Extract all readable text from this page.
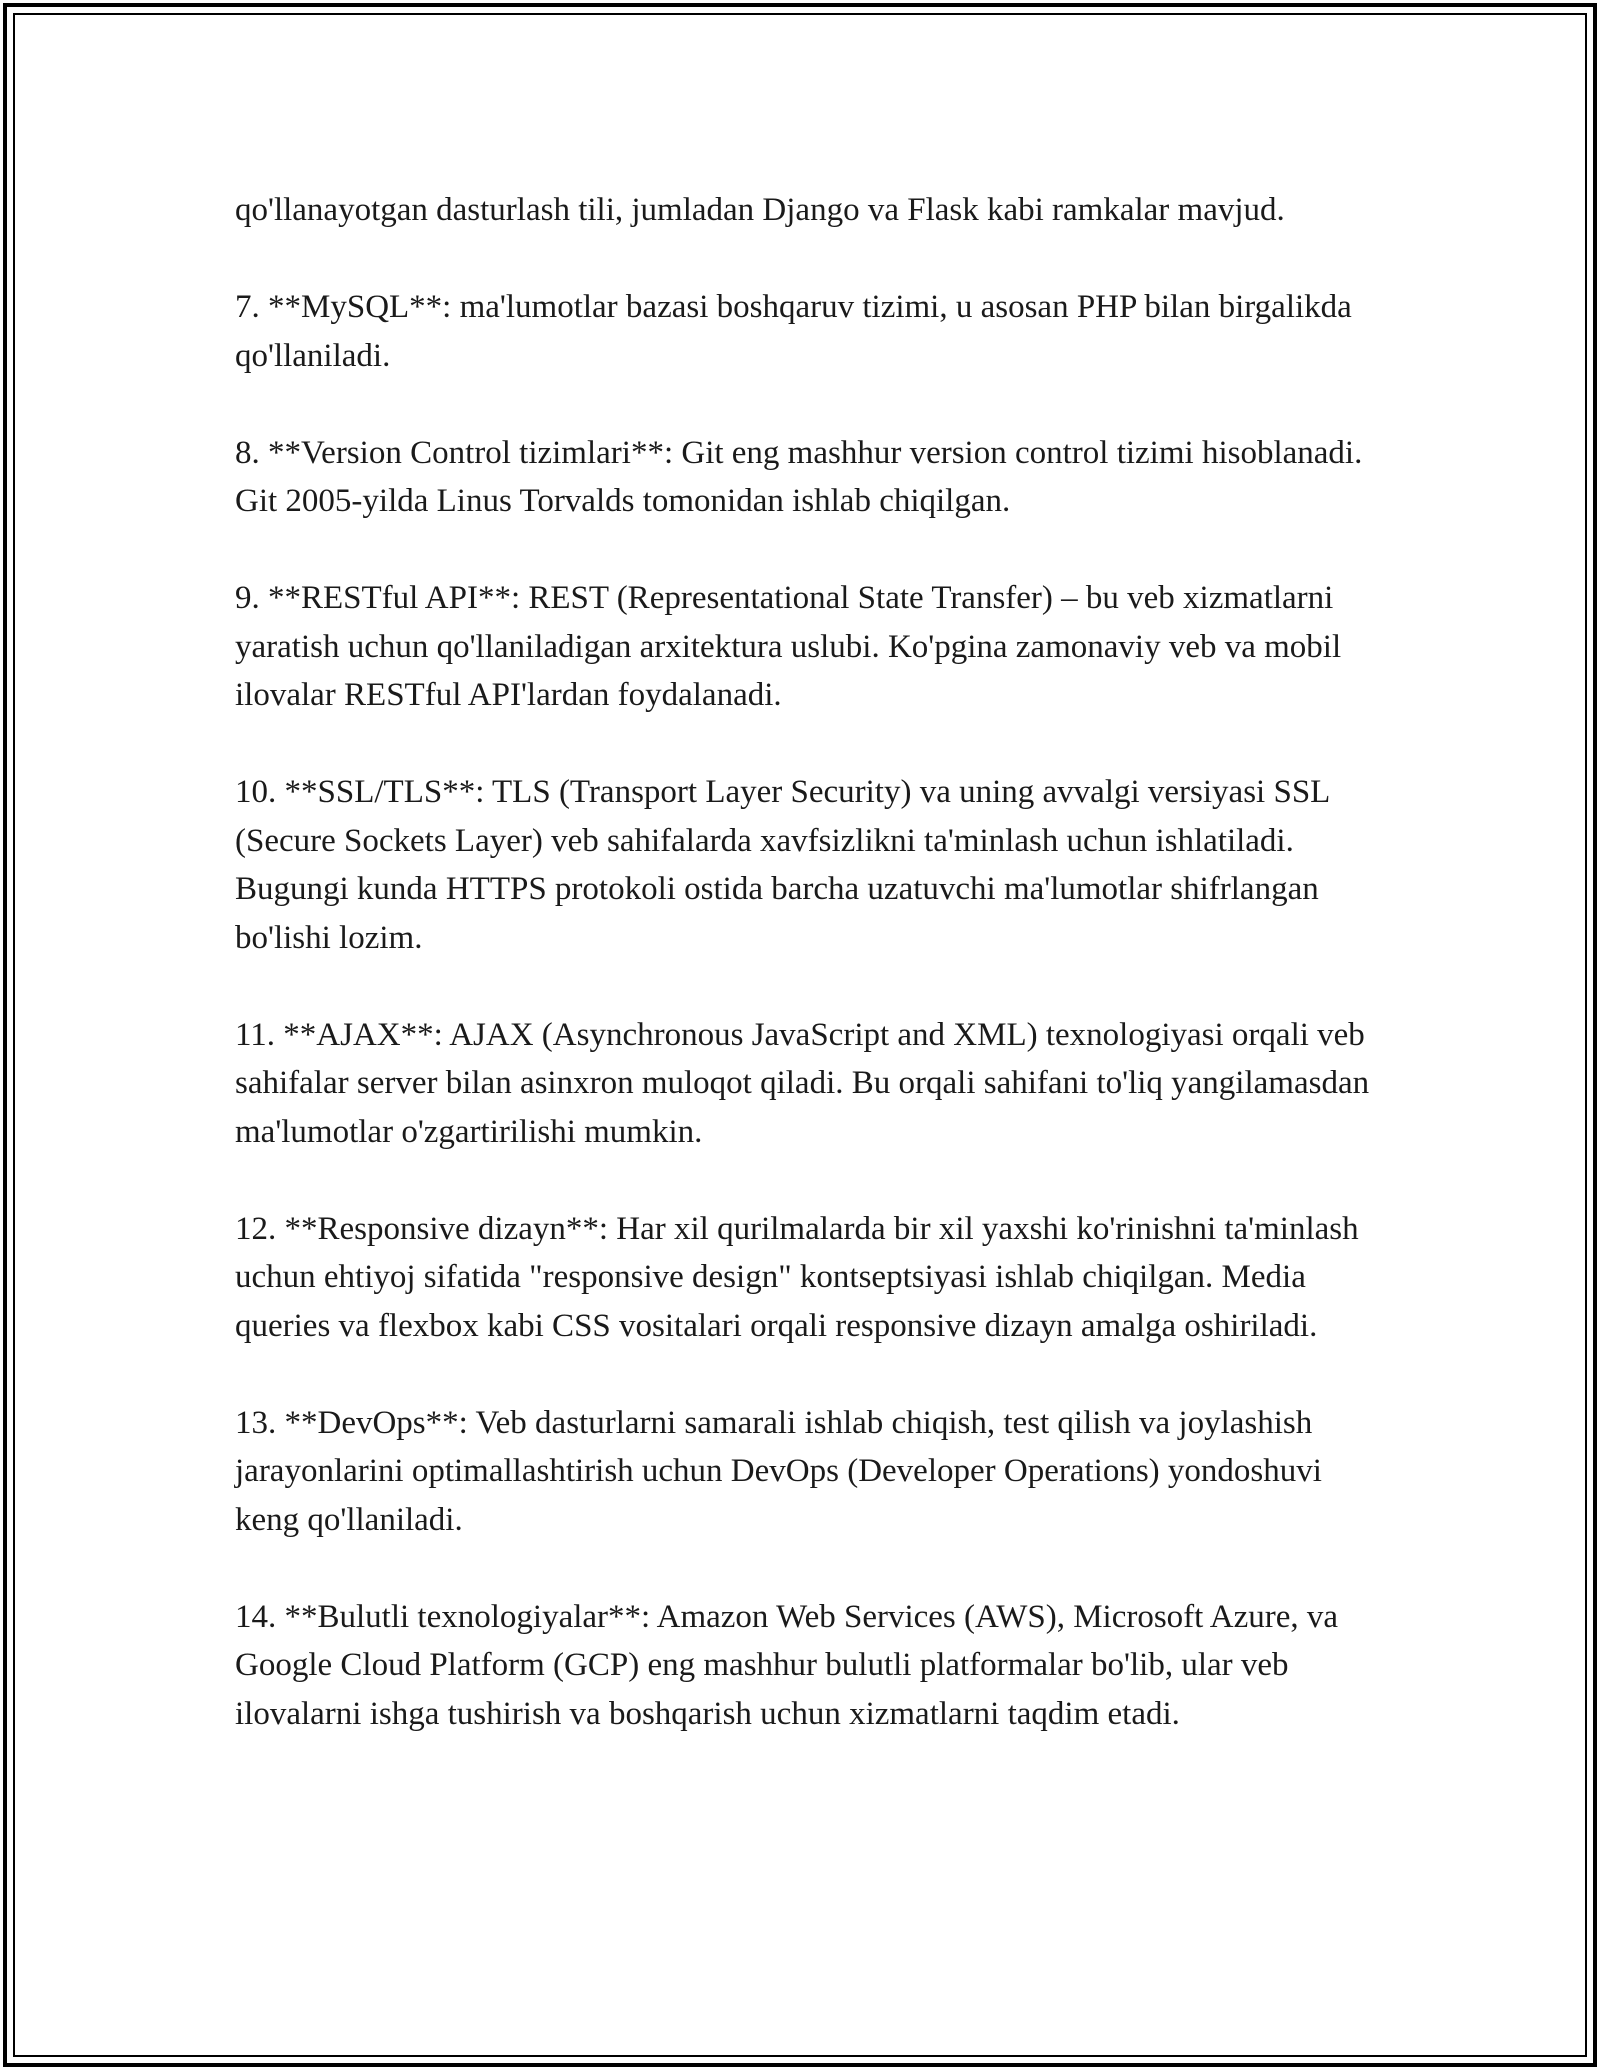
qo'llanayotgan dasturlash tili, jumladan Django va Flask kabi ramkalar mavjud.

7. **MySQL**: ma'lumotlar bazasi boshqaruv tizimi, u asosan PHP bilan birgalikda qo'llaniladi.

8. **Version Control tizimlari**: Git eng mashhur version control tizimi hisoblanadi. Git 2005-yilda Linus Torvalds tomonidan ishlab chiqilgan.

9. **RESTful API**: REST (Representational State Transfer) – bu veb xizmatlarni yaratish uchun qo'llaniladigan arxitektura uslubi. Ko'pgina zamonaviy veb va mobil ilovalar RESTful API'lardan foydalanadi.

10. **SSL/TLS**: TLS (Transport Layer Security) va uning avvalgi versiyasi SSL (Secure Sockets Layer) veb sahifalarda xavfsizlikni ta'minlash uchun ishlatiladi. Bugungi kunda HTTPS protokoli ostida barcha uzatuvchi ma'lumotlar shifrlangan bo'lishi lozim.

11. **AJAX**: AJAX (Asynchronous JavaScript and XML) texnologiyasi orqali veb sahifalar server bilan asinxron muloqot qiladi. Bu orqali sahifani to'liq yangilamasdan ma'lumotlar o'zgartirilishi mumkin.

12. **Responsive dizayn**: Har xil qurilmalarda bir xil yaxshi ko'rinishni ta'minlash uchun ehtiyoj sifatida "responsive design" kontseptsiyasi ishlab chiqilgan. Media queries va flexbox kabi CSS vositalari orqali responsive dizayn amalga oshiriladi.

13. **DevOps**: Veb dasturlarni samarali ishlab chiqish, test qilish va joylashish jarayonlarini optimallashtirish uchun DevOps (Developer Operations) yondoshuvi keng qo'llaniladi.

14. **Bulutli texnologiyalar**: Amazon Web Services (AWS), Microsoft Azure, va Google Cloud Platform (GCP) eng mashhur bulutli platformalar bo'lib, ular veb ilovalarni ishga tushirish va boshqarish uchun xizmatlarni taqdim etadi.
